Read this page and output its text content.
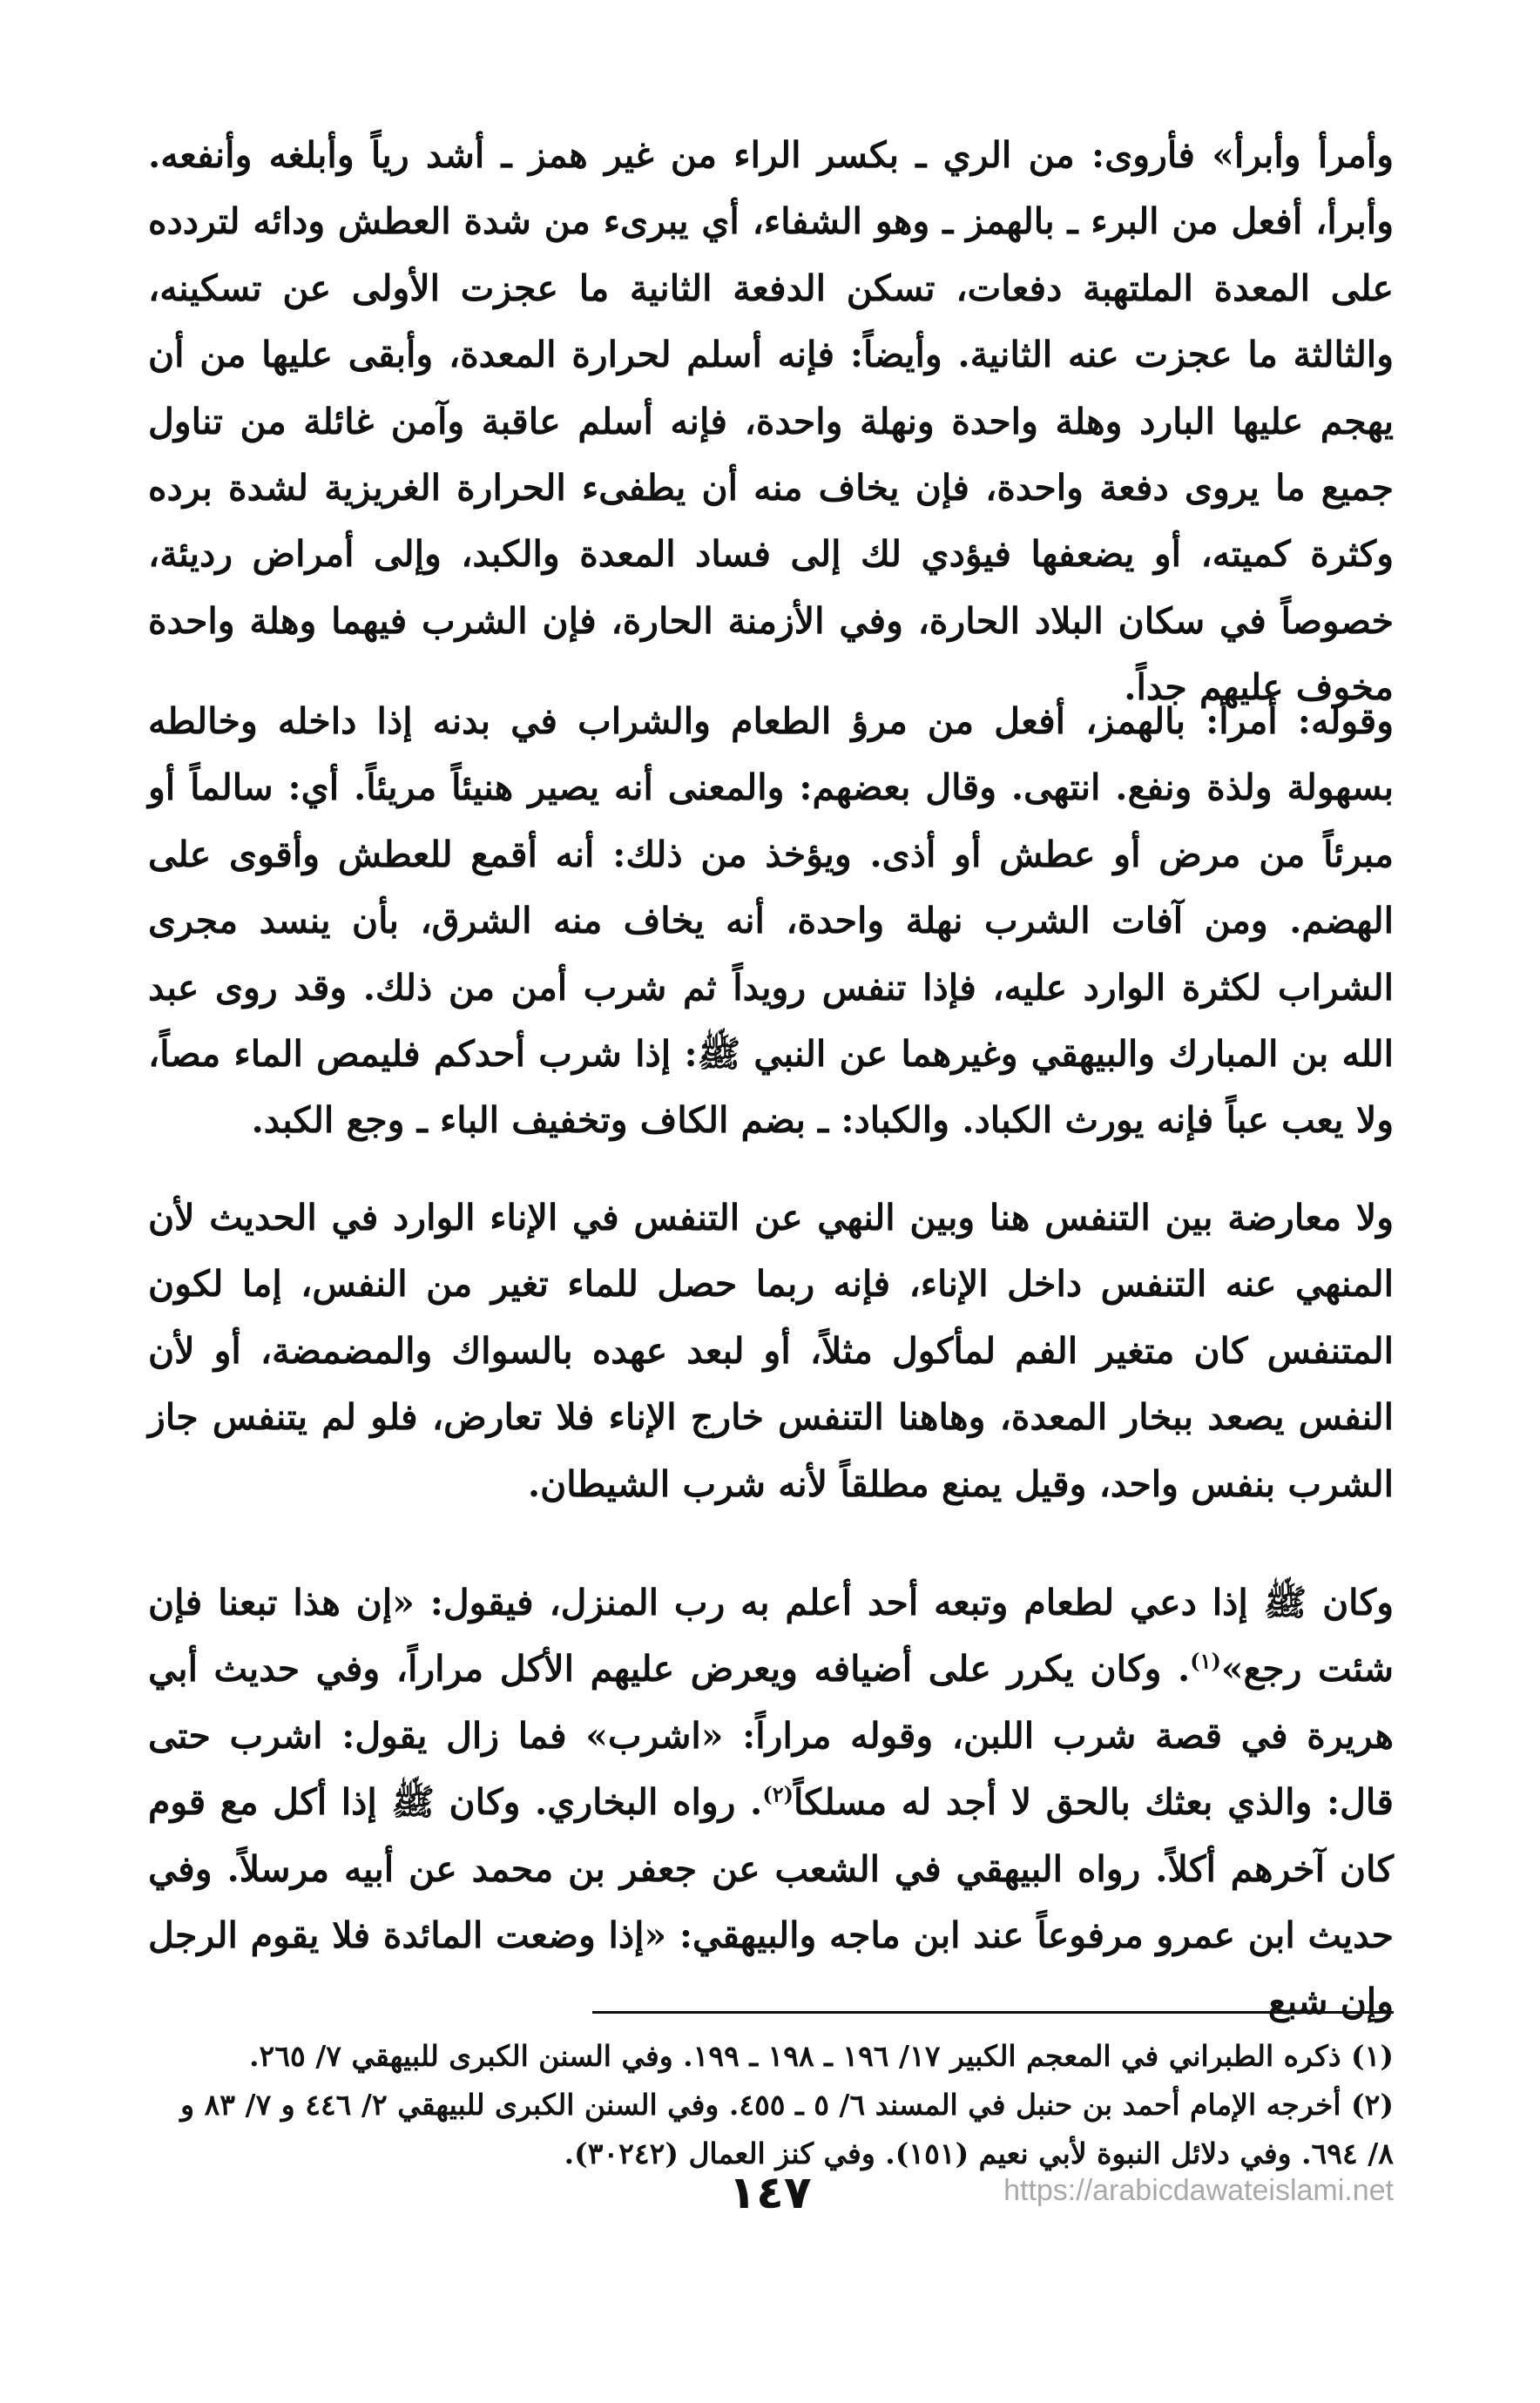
وأمرأ وأبرأ» فأروى: من الري ـ بكسر الراء من غير همز ـ أشد رياً وأبلغه وأنفعه. وأبرأ، أفعل من البرء ـ بالهمز ـ وهو الشفاء، أي يبرىء من شدة العطش ودائه لتردده على المعدة الملتهبة دفعات، تسكن الدفعة الثانية ما عجزت الأولى عن تسكينه، والثالثة ما عجزت عنه الثانية. وأيضاً: فإنه أسلم لحرارة المعدة، وأبقى عليها من أن يهجم عليها البارد وهلة واحدة ونهلة واحدة، فإنه أسلم عاقبة وآمن غائلة من تناول جميع ما يروى دفعة واحدة، فإن يخاف منه أن يطفىء الحرارة الغريزية لشدة برده وكثرة كميته، أو يضعفها فيؤدي لك إلى فساد المعدة والكبد، وإلى أمراض رديئة، خصوصاً في سكان البلاد الحارة، وفي الأزمنة الحارة، فإن الشرب فيهما وهلة واحدة مخوف عليهم جداً.

وقوله: أمرأ: بالهمز، أفعل من مرؤ الطعام والشراب في بدنه إذا داخله وخالطه بسهولة ولذة ونفع. انتهى. وقال بعضهم: والمعنى أنه يصير هنيئاً مريئاً. أي: سالماً أو مبرئاً من مرض أو عطش أو أذى. ويؤخذ من ذلك: أنه أقمع للعطش وأقوى على الهضم. ومن آفات الشرب نهلة واحدة، أنه يخاف منه الشرق، بأن ينسد مجرى الشراب لكثرة الوارد عليه، فإذا تنفس رويداً ثم شرب أمن من ذلك. وقد روى عبد الله بن المبارك والبيهقي وغيرهما عن النبي ﷺ: إذا شرب أحدكم فليمص الماء مصاً، ولا يعب عباً فإنه يورث الكباد. والكباد: ـ بضم الكاف وتخفيف الباء ـ وجع الكبد.

ولا معارضة بين التنفس هنا وبين النهي عن التنفس في الإناء الوارد في الحديث لأن المنهي عنه التنفس داخل الإناء، فإنه ربما حصل للماء تغير من النفس، إما لكون المتنفس كان متغير الفم لمأكول مثلاً، أو لبعد عهده بالسواك والمضمضة، أو لأن النفس يصعد ببخار المعدة، وهاهنا التنفس خارج الإناء فلا تعارض، فلو لم يتنفس جاز الشرب بنفس واحد، وقيل يمنع مطلقاً لأنه شرب الشيطان.

وكان ﷺ إذا دعي لطعام وتبعه أحد أعلم به رب المنزل، فيقول: «إن هذا تبعنا فإن شئت رجع»$^{(١)}$. وكان يكرر على أضيافه ويعرض عليهم الأكل مراراً، وفي حديث أبي هريرة في قصة شرب اللبن، وقوله مراراً: «اشرب» فما زال يقول: اشرب حتى قال: والذي بعثك بالحق لا أجد له مسلكاً$^{(٢)}$. رواه البخاري. وكان ﷺ إذا أكل مع قوم كان آخرهم أكلاً. رواه البيهقي في الشعب عن جعفر بن محمد عن أبيه مرسلاً. وفي حديث ابن عمرو مرفوعاً عند ابن ماجه والبيهقي: «إذا وضعت المائدة فلا يقوم الرجل وإن شبع

(١) ذكره الطبراني في المعجم الكبير ١٧/ ١٩٦ ـ ١٩٨ ـ ١٩٩. وفي السنن الكبرى للبيهقي ٧/ ٢٦٥.

(٢) أخرجه الإمام أحمد بن حنبل في المسند ٦/ ٥ ـ ٤٥٥. وفي السنن الكبرى للبيهقي ٢/ ٤٤٦ و ٧/ ٨٣ و ٨/ ٦٩٤. وفي دلائل النبوة لأبي نعيم (١٥١). وفي كنز العمال (٣٠٢٤٢).

١٤٧	https://arabicdawateislami.net
